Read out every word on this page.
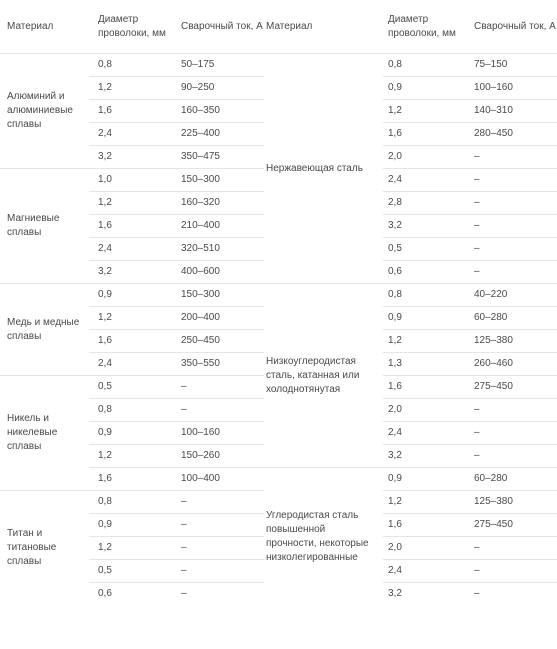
Материал	Диаметр проволоки, мм	Сварочный ток, А
Алюминий и алюминиевые сплавы	0,8	50–175
	1,2	90–250
	1,6	160–350
	2,4	225–400
	3,2	350–475
Магниевые сплавы	1,0	150–300
	1,2	160–320
	1,6	210–400
	2,4	320–510
	3,2	400–600
Медь и медные сплавы	0,9	150–300
	1,2	200–400
	1,6	250–450
	2,4	350–550
Никель и никелевые сплавы	0,5	–
	0,8	–
	0,9	100–160
	1,2	150–260
	1,6	100–400
Титан и титановые сплавы	0,8	–
	0,9	–
	1,2	–
	0,5	–
	0,6	–
Материал	Диаметр проволоки, мм	Сварочный ток, А
Нержавеющая сталь	0,8	75–150
	0,9	100–160
	1,2	140–310
	1,6	280–450
	2,0	–
	2,4	–
	2,8	–
	3,2	–
	0,5	–
	0,6	–
Низкоуглеродистая сталь, катанная или холоднотянутая	0,8	40–220
	0,9	60–280
	1,2	125–380
	1,3	260–460
	1,6	275–450
	2,0	–
	2,4	–
	3,2	–
Углеродистая сталь повышенной прочности, некоторые низколегированные	0,9	60–280
	1,2	125–380
	1,6	275–450
	2,0	–
	2,4	–
	3,2	–
